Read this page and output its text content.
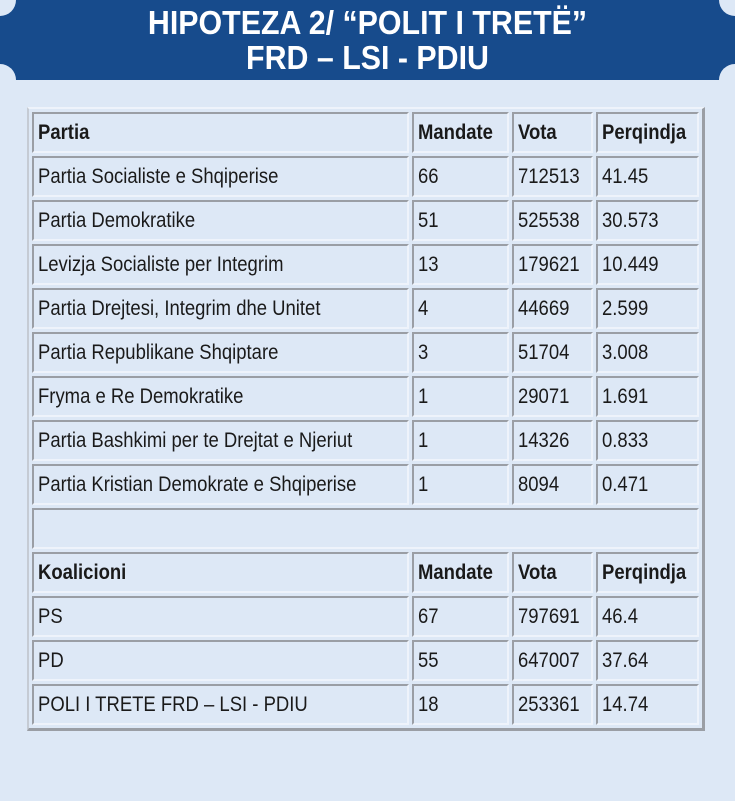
HIPOTEZA 2/ “POLIT I TRETË”
FRD – LSI - PDIU
Partia	Mandate	Vota	Perqindja
Partia Socialiste e Shqiperise	66	712513	41.45
Partia Demokratike	51	525538	30.573
Levizja Socialiste per Integrim	13	179621	10.449
Partia Drejtesi, Integrim dhe Unitet	4	44669	2.599
Partia Republikane Shqiptare	3	51704	3.008
Fryma e Re Demokratike	1	29071	1.691
Partia Bashkimi per te Drejtat e Njeriut	1	14326	0.833
Partia Kristian Demokrate e Shqiperise	1	8094	0.471

Koalicioni	Mandate	Vota	Perqindja
PS	67	797691	46.4
PD	55	647007	37.64
POLI I TRETE FRD – LSI - PDIU	18	253361	14.74
